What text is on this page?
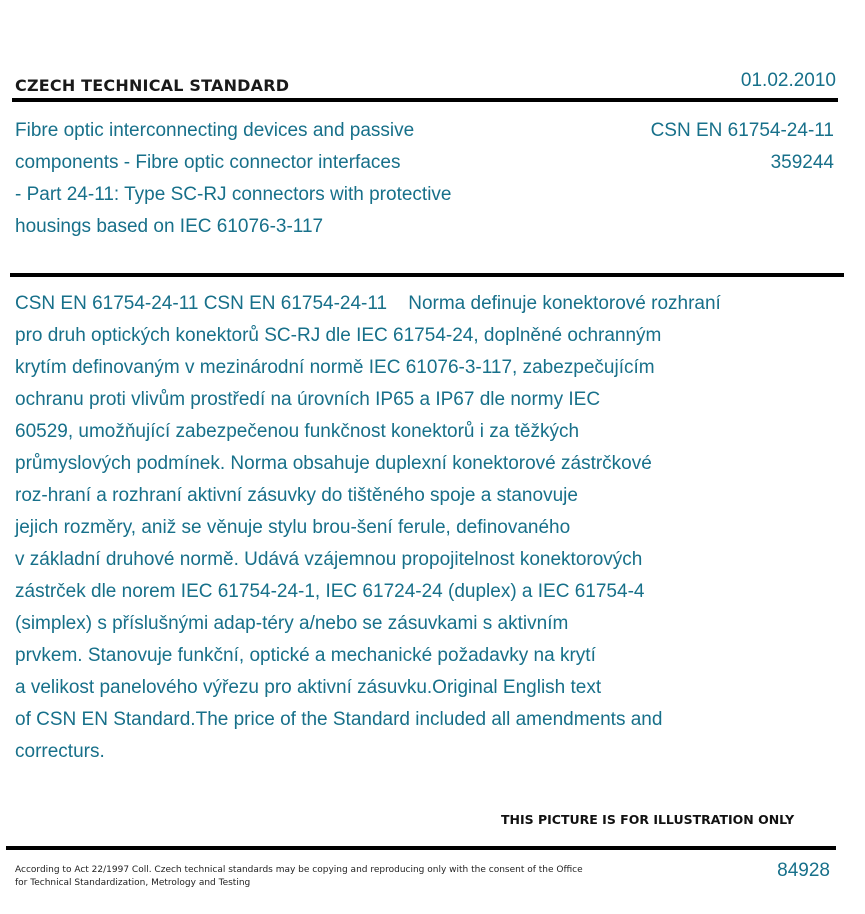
CZECH TECHNICAL STANDARD	01.02.2010
Fibre optic interconnecting devices and passive
components - Fibre optic connector interfaces
- Part 24-11: Type SC-RJ connectors with protective
housings based on IEC 61076-3-117
CSN EN 61754-24-11
359244
CSN EN 61754-24-11 CSN EN 61754-24-11    Norma definuje konektorové rozhraní
pro druh optických konektorů SC-RJ dle IEC 61754-24, doplněné ochranným
krytím definovaným v mezinárodní normě IEC 61076-3-117, zabezpečujícím
ochranu proti vlivům prostředí na úrovních IP65 a IP67 dle normy IEC
60529, umožňující zabezpečenou funkčnost konektorů i za těžkých
průmyslových podmínek. Norma obsahuje duplexní konektorové zástrčkové
roz-hraní a rozhraní aktivní zásuvky do tištěného spoje a stanovuje
jejich rozměry, aniž se věnuje stylu brou-šení ferule, definovaného
v základní druhové normě. Udává vzájemnou propojitelnost konektorových
zástrček dle norem IEC 61754-24-1, IEC 61724-24 (duplex) a IEC 61754-4
(simplex) s příslušnými adap-téry a/nebo se zásuvkami s aktivním
prvkem. Stanovuje funkční, optické a mechanické požadavky na krytí
a velikost panelového výřezu pro aktivní zásuvku.Original English text
of CSN EN Standard.The price of the Standard included all amendments and
correcturs.
THIS PICTURE IS FOR ILLUSTRATION ONLY
According to Act 22/1997 Coll. Czech technical standards may be copying and reproducing only with the consent of the Office
for Technical Standardization, Metrology and Testing
84928
